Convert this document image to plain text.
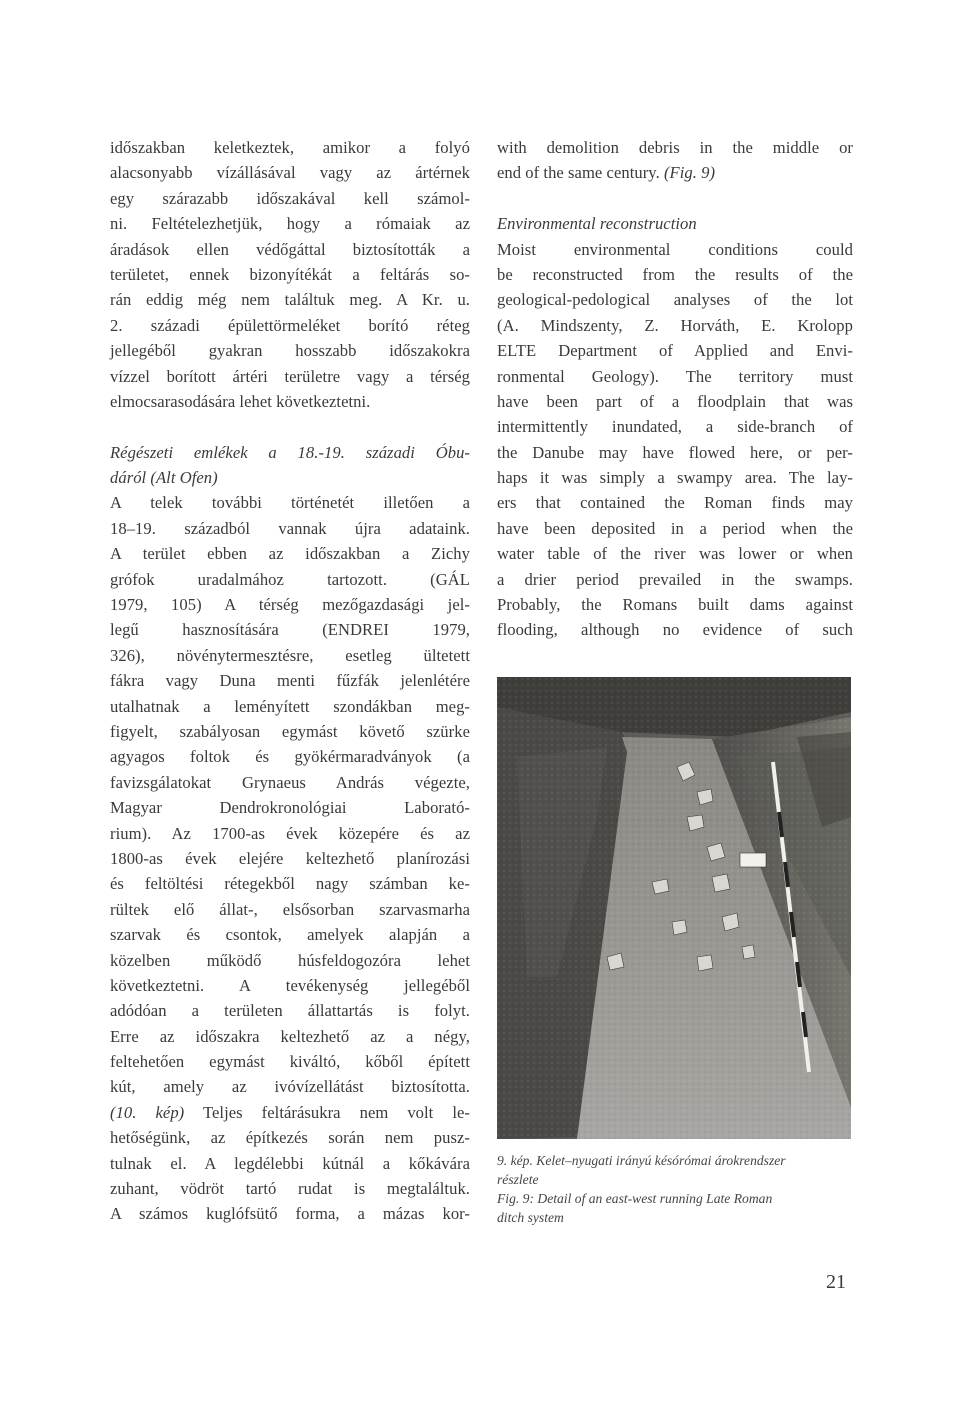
időszakban keletkeztek, amikor a folyó
alacsonyabb vízállásával vagy az ártérnek
egy szárazabb időszakával kell számol-
ni. Feltételezhetjük, hogy a rómaiak az
áradások ellen védőgáttal biztosították a
területet, ennek bizonyítékát a feltárás so-
rán eddig még nem találtuk meg. A Kr. u.
2. századi épülettörmeléket borító réteg
jellegéből gyakran hosszabb időszakokra
vízzel borított ártéri területre vagy a térség
elmocsarasodására lehet következtetni.
Régészeti emlékek a 18.-19. századi Óbu-
dáról (Alt Ofen)
A telek további történetét illetően a
18–19. századból vannak újra adataink.
A terület ebben az időszakban a Zichy
grófok uradalmához tartozott. (GÁL
1979, 105) A térség mezőgazdasági jel-
legű hasznosítására (ENDREI 1979,
326), növénytermesztésre, esetleg ültetett
fákra vagy Duna menti fűzfák jelenlétére
utalhatnak a leményített szondákban meg-
figyelt, szabályosan egymást követő szürke
agyagos foltok és gyökérmaradványok (a
favizsgálatokat Grynaeus András végezte,
Magyar Dendrokronológiai Laborató-
rium). Az 1700-as évek közepére és az
1800-as évek elejére keltezhető planírozási
és feltöltési rétegekből nagy számban ke-
rültek elő állat-, elsősorban szarvasmarha
szarvak és csontok, amelyek alapján a
közelben működő húsfeldogozóra lehet
következtetni. A tevékenység jellegéből
adódóan a területen állattartás is folyt.
Erre az időszakra keltezhető az a négy,
feltehetően egymást kiváltó, kőből épített
kút, amely az ivóvízellátást biztosította.
(10. kép) Teljes feltárásukra nem volt le-
hetőségünk, az építkezés során nem pusz-
tulnak el. A legdélebbi kútnál a kőkávára
zuhant, vödröt tartó rudat is megtaláltuk.
A számos kuglófsütő forma, a mázas kor-
with demolition debris in the middle or
end of the same century. (Fig. 9)
Environmental reconstruction
Moist environmental conditions could
be reconstructed from the results of the
geological-pedological analyses of the lot
(A. Mindszenty, Z. Horváth, E. Krolopp
ELTE Department of Applied and Envi-
ronmental Geology). The territory must
have been part of a floodplain that was
intermittently inundated, a side-branch of
the Danube may have flowed here, or per-
haps it was simply a swampy area. The lay-
ers that contained the Roman finds may
have been deposited in a period when the
water table of the river was lower or when
a drier period prevailed in the swamps.
Probably, the Romans built dams against
flooding, although no evidence of such
9. kép. Kelet–nyugati irányú késórómai árokrendszer
részlete
Fig. 9: Detail of an east-west running Late Roman
ditch system
21
